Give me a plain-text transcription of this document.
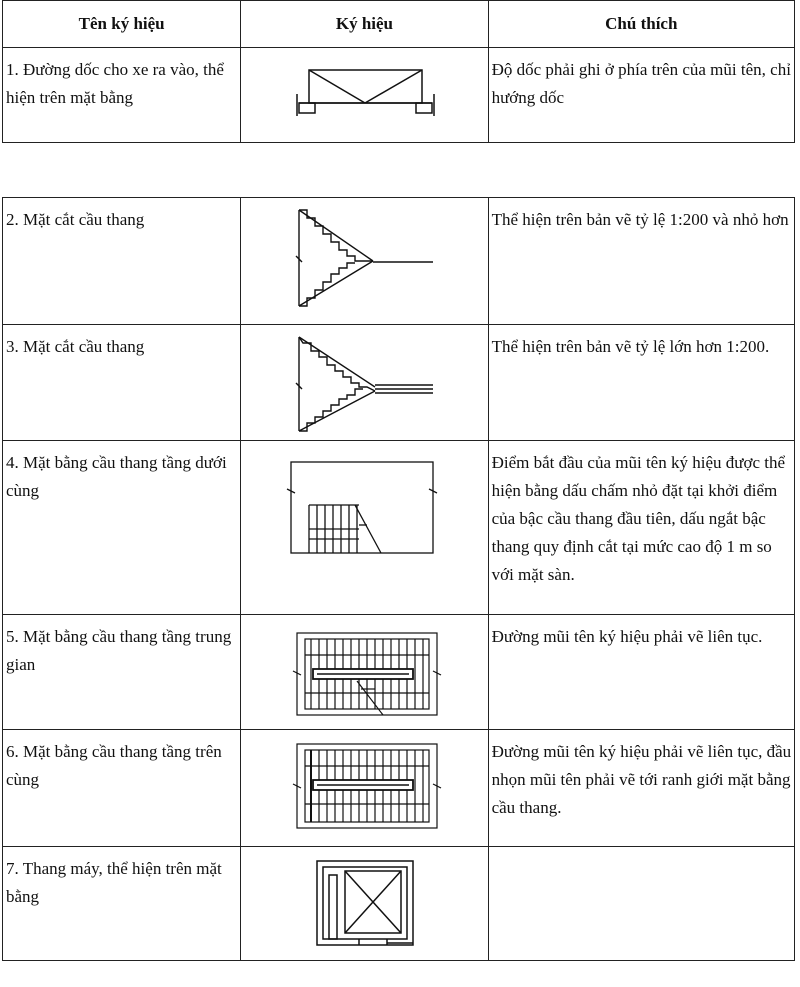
Tên ký hiệu	Ký hiệu	Chú thích
1. Đường dốc cho xe ra vào, thể hiện trên mặt bằng		Độ dốc phải ghi ở phía trên của mũi tên, chỉ hướng dốc
2. Mặt cắt cầu thang		Thể hiện trên bản vẽ tỷ lệ 1:200 và nhỏ hơn
3. Mặt cắt cầu thang		Thể hiện trên bản vẽ tỷ lệ lớn hơn 1:200.
4. Mặt bằng cầu thang tầng dưới cùng		Điểm bắt đầu của mũi tên ký hiệu được thể hiện bằng dấu chấm nhỏ đặt tại khởi điểm của bậc cầu thang đầu tiên, dấu ngắt bậc thang quy định cắt tại mức cao độ 1 m so với mặt sàn.
5. Mặt bằng cầu thang tầng trung gian		Đường mũi tên ký hiệu phải vẽ liên tục.
6. Mặt bằng cầu thang tầng trên cùng		Đường mũi tên ký hiệu phải vẽ liên tục, đầu nhọn mũi tên phải vẽ tới ranh giới mặt bằng cầu thang.
7. Thang máy, thể hiện trên mặt bằng	
